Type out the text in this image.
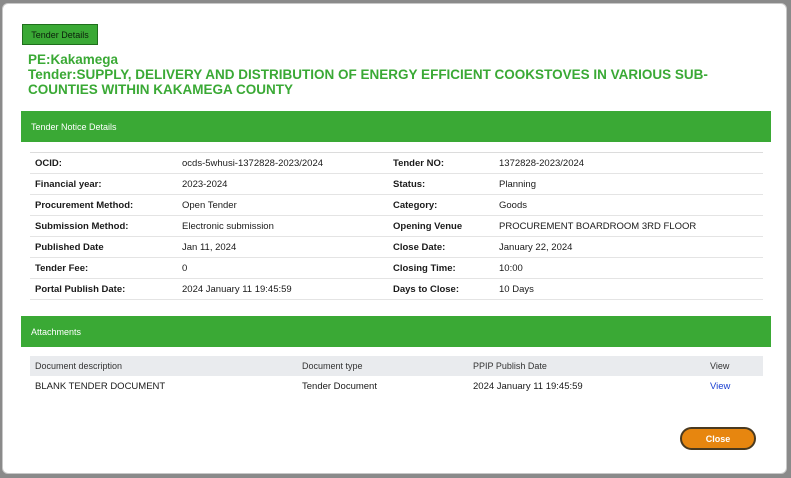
Tender Details
PE:Kakamega
Tender:SUPPLY, DELIVERY AND DISTRIBUTION OF ENERGY EFFICIENT COOKSTOVES IN VARIOUS SUB-COUNTIES WITHIN KAKAMEGA COUNTY
Tender Notice Details
OCID:	ocds-5whusi-1372828-2023/2024	Tender NO:	1372828-2023/2024
Financial year:	2023-2024	Status:	Planning
Procurement Method:	Open Tender	Category:	Goods
Submission Method:	Electronic submission	Opening Venue	PROCUREMENT BOARDROOM 3RD FLOOR
Published Date	Jan 11, 2024	Close Date:	January 22, 2024
Tender Fee:	0	Closing Time:	10:00
Portal Publish Date:	2024 January 11 19:45:59	Days to Close:	10 Days
Attachments
Document description	Document type	PPIP Publish Date	View
BLANK TENDER DOCUMENT	Tender Document	2024 January 11 19:45:59	View
Close
